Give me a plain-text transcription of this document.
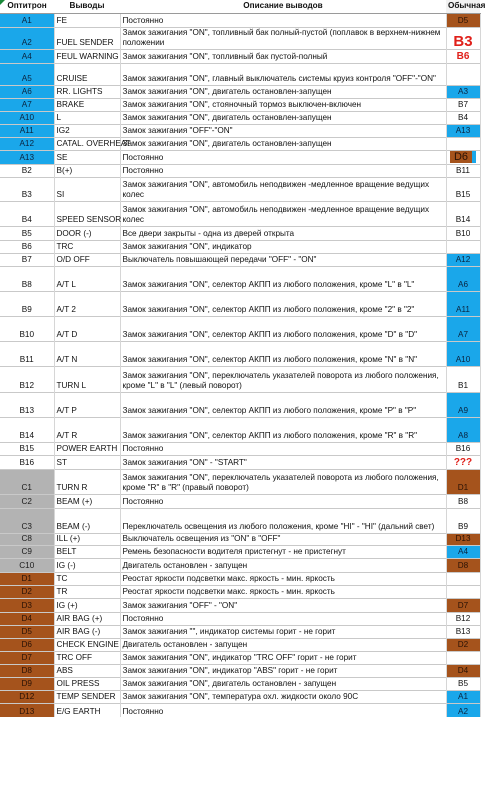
Оптитрон	Выводы	Описание выводов	Обычная
A1	FE	Постоянно	D5
A2	FUEL SENDER	Замок зажигания "ON", топливный бак полный-пустой (поплавок в верхнем-нижнем положении	B3
A4	FEUL WARNING	Замок зажигания "ON", топливный бак пустой-полный	B6
A5	CRUISE	Замок зажигания "ON", главный выключатель системы круиз контроля "OFF"-"ON"	
A6	RR. LIGHTS	Замок зажигания "ON", двигатель остановлен-запущен	A3
A7	BRAKE	Замок зажигания "ON", стояночный тормоз выключен-включен	B7
A10	L	Замок зажигания "ON", двигатель остановлен-запущен	B4
A11	IG2	Замок зажигания "OFF"-"ON"	A13
A12	CATAL. OVERHEAT	Замок зажигания "ON", двигатель остановлен-запущен	
A13	SE	Постоянно	D6
B2	B(+)	Постоянно	B11
B3	SI	Замок зажигания "ON", автомобиль неподвижен -медленное вращение ведущих колес	B15
B4	SPEED SENSOR	Замок зажигания "ON", автомобиль неподвижен -медленное вращение ведущих колес	B14
B5	DOOR (-)	Все двери закрыты - одна из дверей открыта	B10
B6	TRC	Замок зажигания "ON", индикатор	
B7	O/D OFF	Выключатель повышающей передачи "OFF" - "ON"	A12
B8	A/T L	Замок зажигания "ON", селектор АКПП из любого положения, кроме "L" в "L"	A6
B9	A/T 2	Замок зажигания "ON", селектор АКПП из любого положения, кроме "2" в "2"	A11
B10	A/T D	Замок зажигания "ON", селектор АКПП из любого положения, кроме "D" в "D"	A7
B11	A/T N	Замок зажигания "ON", селектор АКПП из любого положения, кроме "N" в "N"	A10
B12	TURN L	Замок зажигания "ON", переключатель указателей поворота из любого положения, кроме "L" в "L" (левый поворот)	B1
B13	A/T P	Замок зажигания "ON", селектор АКПП из любого положения, кроме "P" в "P"	A9
B14	A/T R	Замок зажигания "ON", селектор АКПП из любого положения, кроме "R" в "R"	A8
B15	POWER EARTH	Постоянно	B16
B16	ST	Замок зажигания "ON" - "START"	???
C1	TURN R	Замок зажигания "ON", переключатель указателей поворота из любого положения, кроме "R" в "R" (правый поворот)	D1
C2	BEAM (+)	Постоянно	B8
C3	BEAM (-)	Переключатель освещения из любого положения, кроме "HI" - "HI" (дальний свет)	B9
C8	ILL (+)	Выключатель освещения из "ON" в "OFF"	D13
C9	BELT	Ремень безопасности водителя пристегнут - не пристегнут	A4
C10	IG (-)	Двигатель остановлен - запущен	D8
D1	TC	Реостат яркости подсветки макс. яркость - мин. яркость	
D2	TR	Реостат яркости подсветки макс. яркость - мин. яркость	
D3	IG (+)	Замок зажигания "OFF" - "ON"	D7
D4	AIR BAG (+)	Постоянно	B12
D5	AIR BAG (-)	Замок зажигания "", индикатор системы горит - не горит	B13
D6	CHECK ENGINE	Двигатель остановлен - запущен	D2
D7	TRC OFF	Замок зажигания "ON", индикатор "TRC OFF" горит - не горит	
D8	ABS	Замок зажигания "ON", индикатор "ABS" горит - не горит	D4
D9	OIL PRESS	Замок зажигания "ON", двигатель остановлен - запущен	B5
D12	TEMP SENDER	Замок зажигания "ON", температура охл. жидкости около 90С	A1
D13	E/G EARTH	Постоянно	A2
